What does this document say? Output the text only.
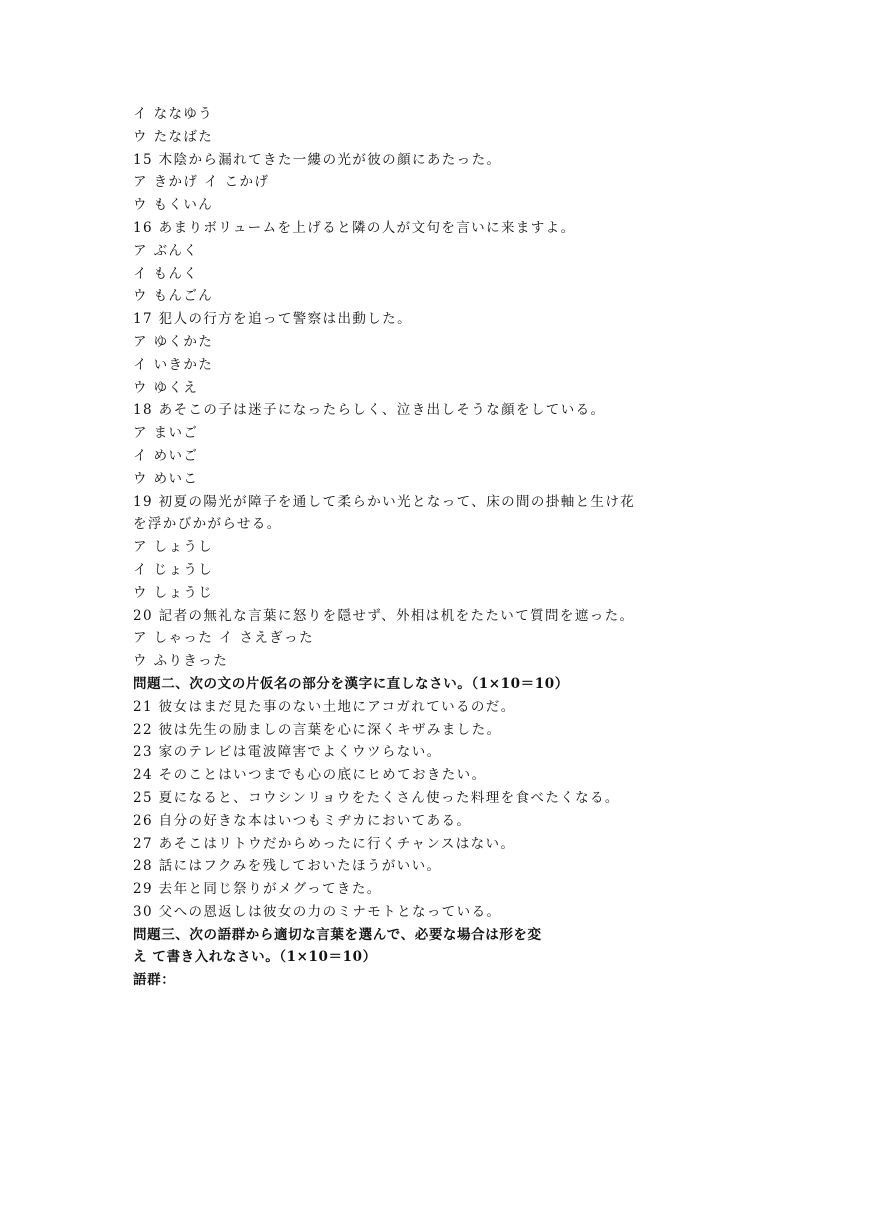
イ ななゆう
ウ たなばた
15 木陰から漏れてきた一縷の光が彼の顔にあたった。
ア きかげ イ こかげ
ウ もくいん
16 あまりボリュームを上げると隣の人が文句を言いに来ますよ。
ア ぶんく
イ もんく
ウ もんごん
17 犯人の行方を追って警察は出動した。
ア ゆくかた
イ いきかた
ウ ゆくえ
18 あそこの子は迷子になったらしく、泣き出しそうな顔をしている。
ア まいご
イ めいご
ウ めいこ
19 初夏の陽光が障子を通して柔らかい光となって、床の間の掛軸と生け花
を浮かびかがらせる。
ア しょうし
イ じょうし
ウ しょうじ
20 記者の無礼な言葉に怒りを隠せず、外相は机をたたいて質問を遮った。
ア しゃった イ さえぎった
ウ ふりきった
問題二、次の文の片仮名の部分を漢字に直しなさい。（1×10＝10）
21 彼女はまだ見た事のない土地にアコガれているのだ。
22 彼は先生の励ましの言葉を心に深くキザみました。
23 家のテレビは電波障害でよくウツらない。
24 そのことはいつまでも心の底にヒめておきたい。
25 夏になると、コウシンリョウをたくさん使った料理を食べたくなる。
26 自分の好きな本はいつもミヂカにおいてある。
27 あそこはリトウだからめったに行くチャンスはない。
28 話にはフクみを残しておいたほうがいい。
29 去年と同じ祭りがメグってきた。
30 父への恩返しは彼女の力のミナモトとなっている。
問題三、次の語群から適切な言葉を選んで、必要な場合は形を変
え て書き入れなさい。（1×10＝10）
語群：
